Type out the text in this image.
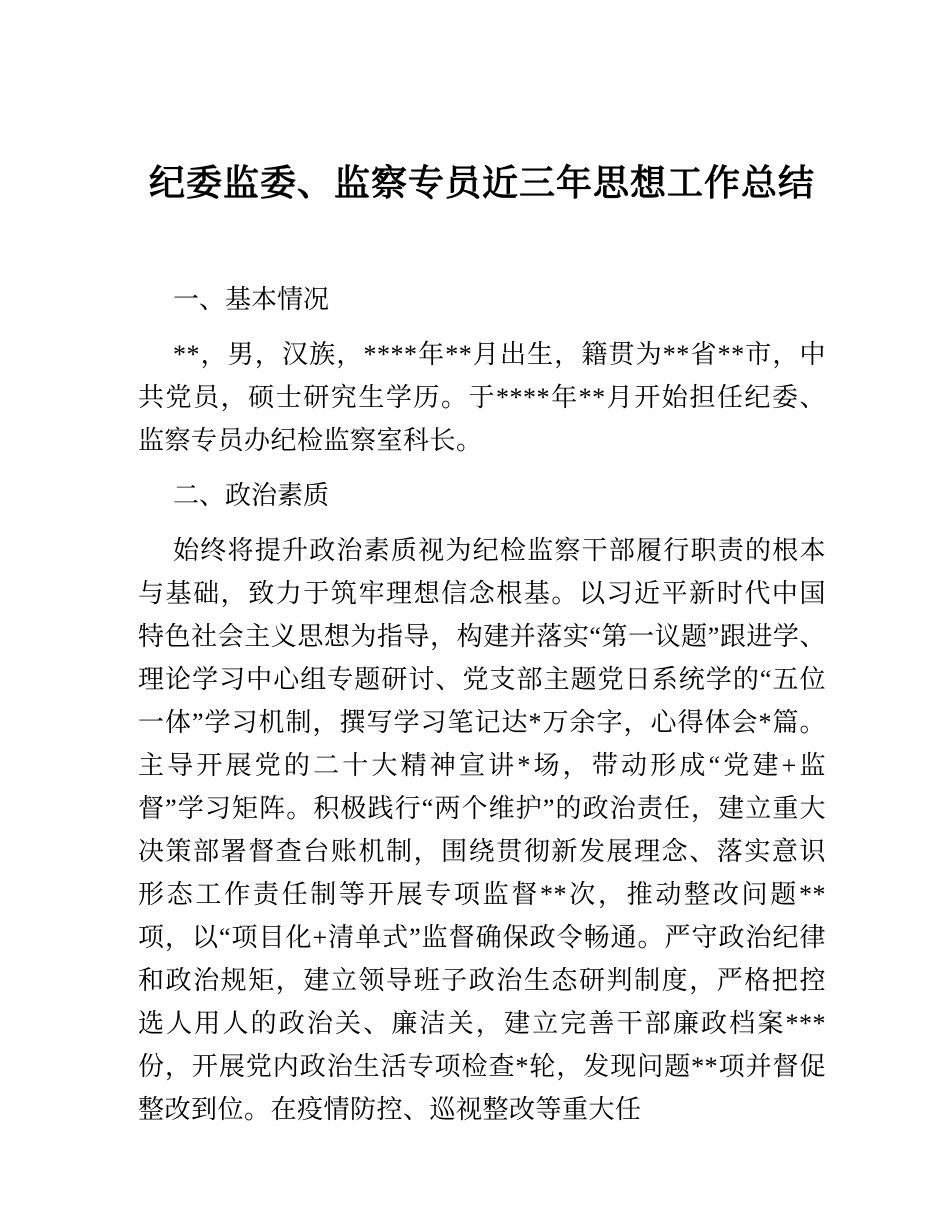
纪委监委、监察专员近三年思想工作总结
一、基本情况

**，男，汉族，****年**月出生，籍贯为**省**市，中共党员，硕士研究生学历。于****年**月开始担任纪委、监察专员办纪检监察室科长。

二、政治素质

始终将提升政治素质视为纪检监察干部履行职责的根本与基础，致力于筑牢理想信念根基。以习近平新时代中国特色社会主义思想为指导，构建并落实“第一议题”跟进学、理论学习中心组专题研讨、党支部主题党日系统学的“五位一体”学习机制，撰写学习笔记达*万余字，心得体会*篇。主导开展党的二十大精神宣讲*场，带动形成“党建+监督”学习矩阵。积极践行“两个维护”的政治责任，建立重大决策部署督查台账机制，围绕贯彻新发展理念、落实意识形态工作责任制等开展专项监督**次，推动整改问题**项，以“项目化+清单式”监督确保政令畅通。严守政治纪律和政治规矩，建立领导班子政治生态研判制度，严格把控选人用人的政治关、廉洁关，建立完善干部廉政档案***份，开展党内政治生活专项检查*轮，发现问题**项并督促整改到位。在疫情防控、巡视整改等重大任
